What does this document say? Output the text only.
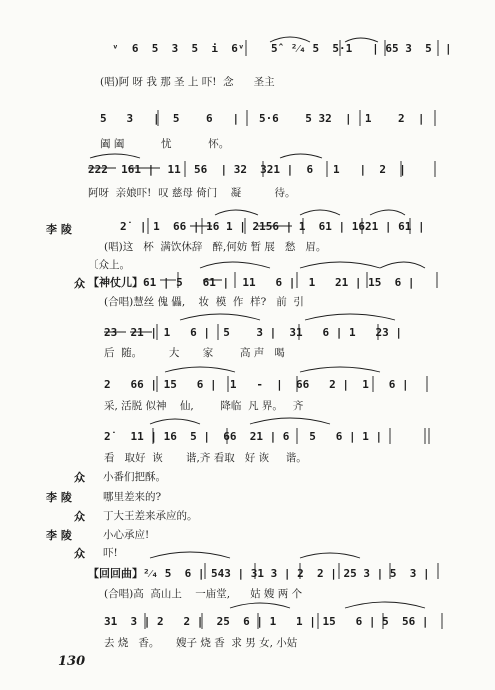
ᵛ  6  5  3  5  i  6ᵛ    5̂  ²⁄₄ 5  5·1   | 65 3  5  |
(唱)阿 呀 我 那 圣 上 吓!  念      圣主
5   3   |  5    6   |   5·6    5 32  |  1    2  |
阖 阖           忧           怀。
222  161 |  11  56  | 32  321 |  6   1   |  2  |
阿呀  亲娘吓!  叹 慈母 倚门    凝          待。
李 陵	2̇  | 1  66 | 16 1 | 2156 | 1  61 | 1621 | 61 |
(唱)这   杯  满饮休辞   醉,何妨 暂 展   愁   眉。
〔众上。
众 【神仗儿】61 | 5   61 |  11   6 |  1   21 | 15  6 |
(合唱)慧丝 傀 儡,    妆  模  作  样?   前  引
23  21 | 1   6 |  5    3 |  31   6 | 1   23 |
后  随。        大       家        高 声   喝
2   66 | 15   6 |  1   -  |  66   2 |  1   6 |
采, 活脱 似神    仙,        降临  凡 界。   齐
2̇   11 | 16  5 |  66  21 | 6   5   6 | 1 |
看   取好  诙       谐,齐 看取   好 诙     谐。
众 小番们把酥。
李 陵	哪里差来的?
众 丁大王差来承应的。
李 陵	小心承应!
众 吓!
【回回曲】²⁄₄ 5  6 | 543 | 31 3 | 2  2 | 25 3 | 5  3 |
(合唱)高  高山上    一庙堂,      姑 嫂 两 个
31  3 | 2   2 |  25  6 | 1   1 | 15   6 | 5  56 |
去 烧   香。     嫂子 烧 香  求 男 女, 小姑
130
